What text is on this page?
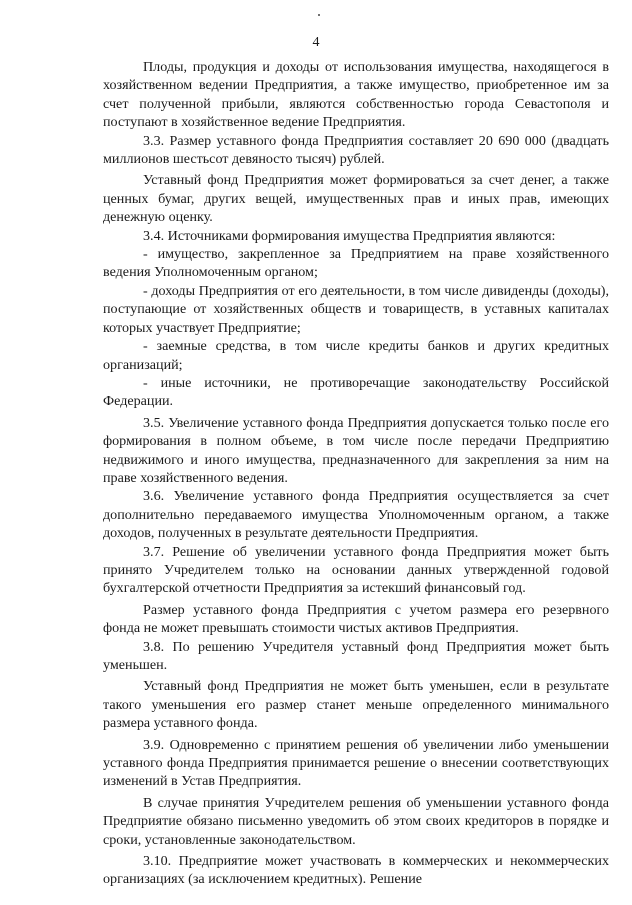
4

Плоды, продукция и доходы от использования имущества, находящегося в хозяйственном ведении Предприятия, а также имущество, приобретенное им за счет полученной прибыли, являются собственностью города Севастополя и поступают в хозяйственное ведение Предприятия.

3.3. Размер уставного фонда Предприятия составляет 20 690 000 (двадцать миллионов шестьсот девяносто тысяч) рублей.

Уставный фонд Предприятия может формироваться за счет денег, а также ценных бумаг, других вещей, имущественных прав и иных прав, имеющих денежную оценку.

3.4. Источниками формирования имущества Предприятия являются:

- имущество, закрепленное за Предприятием на праве хозяйственного ведения Уполномоченным органом;

- доходы Предприятия от его деятельности, в том числе дивиденды (доходы), поступающие от хозяйственных обществ и товариществ, в уставных капиталах которых участвует Предприятие;

- заемные средства, в том числе кредиты банков и других кредитных организаций;

- иные источники, не противоречащие законодательству Российской Федерации.

3.5. Увеличение уставного фонда Предприятия допускается только после его формирования в полном объеме, в том числе после передачи Предприятию недвижимого и иного имущества, предназначенного для закрепления за ним на праве хозяйственного ведения.

3.6. Увеличение уставного фонда Предприятия осуществляется за счет дополнительно передаваемого имущества Уполномоченным органом, а также доходов, полученных в результате деятельности Предприятия.

3.7. Решение об увеличении уставного фонда Предприятия может быть принято Учредителем только на основании данных утвержденной годовой бухгалтерской отчетности Предприятия за истекший финансовый год.

Размер уставного фонда Предприятия с учетом размера его резервного фонда не может превышать стоимости чистых активов Предприятия.

3.8. По решению Учредителя уставный фонд Предприятия может быть уменьшен.

Уставный фонд Предприятия не может быть уменьшен, если в результате такого уменьшения его размер станет меньше определенного минимального размера уставного фонда.

3.9. Одновременно с принятием решения об увеличении либо уменьшении уставного фонда Предприятия принимается решение о внесении соответствующих изменений в Устав Предприятия.

В случае принятия Учредителем решения об уменьшении уставного фонда Предприятие обязано письменно уведомить об этом своих кредиторов в порядке и сроки, установленные законодательством.

3.10. Предприятие может участвовать в коммерческих и некоммерческих организациях (за исключением кредитных). Решение
